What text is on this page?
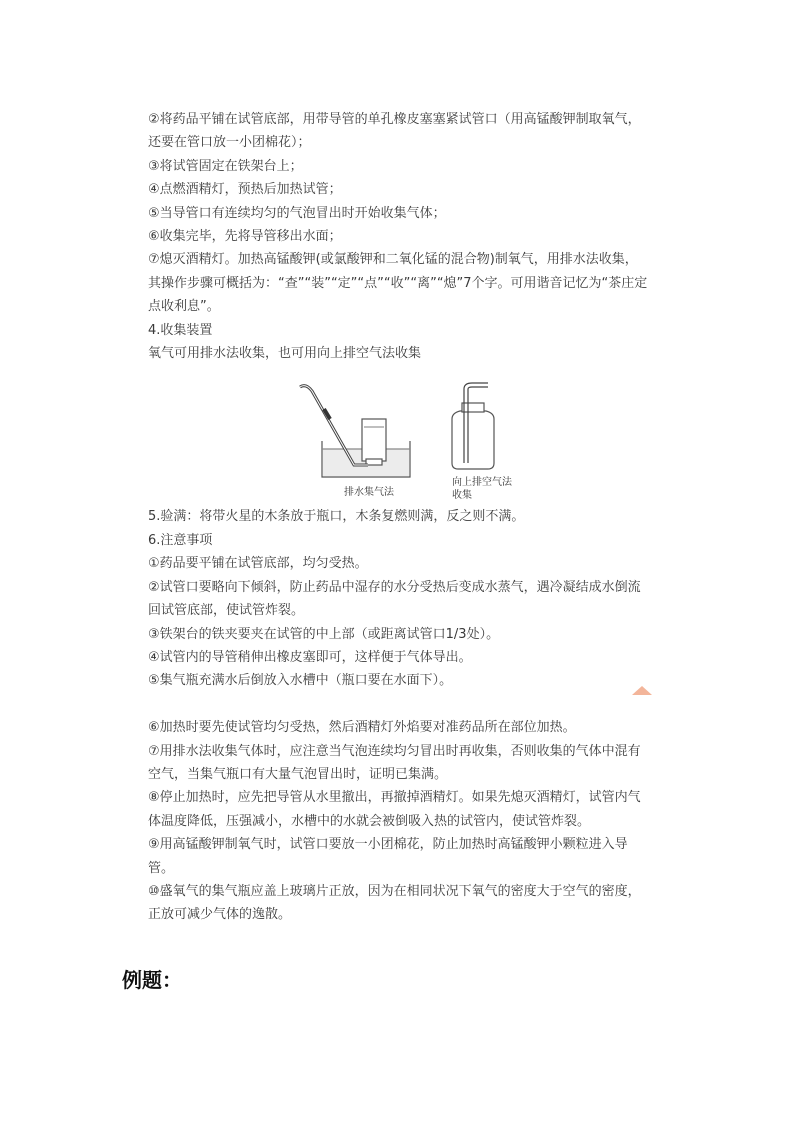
②将药品平铺在试管底部，用带导管的单孔橡皮塞塞紧试管口（用高锰酸钾制取氧气，
还要在管口放一小团棉花）；
③将试管固定在铁架台上；
④点燃酒精灯，预热后加热试管；
⑤当导管口有连续均匀的气泡冒出时开始收集气体；
⑥收集完毕，先将导管移出水面；
⑦熄灭酒精灯。加热高锰酸钾(或氯酸钾和二氧化锰的混合物)制氧气，用排水法收集，
其操作步骤可概括为：“查”“装”“定”“点”“收”“离”“熄”7个字。可用谐音记忆为“茶庄定
点收利息”。
4.收集装置
氧气可用排水法收集，也可用向上排空气法收集
排水集气法
向上排空气法
收集
5.验满：将带火星的木条放于瓶口，木条复燃则满，反之则不满。
6.注意事项
①药品要平铺在试管底部，均匀受热。
②试管口要略向下倾斜，防止药品中湿存的水分受热后变成水蒸气，遇冷凝结成水倒流
回试管底部，使试管炸裂。
③铁架台的铁夹要夹在试管的中上部（或距离试管口1/3处）。
④试管内的导管稍伸出橡皮塞即可，这样便于气体导出。
⑤集气瓶充满水后倒放入水槽中（瓶口要在水面下）。

⑥加热时要先使试管均匀受热，然后酒精灯外焰要对准药品所在部位加热。
⑦用排水法收集气体时，应注意当气泡连续均匀冒出时再收集，否则收集的气体中混有
空气，当集气瓶口有大量气泡冒出时，证明已集满。
⑧停止加热时，应先把导管从水里撤出，再撤掉酒精灯。如果先熄灭酒精灯，试管内气
体温度降低，压强减小，水槽中的水就会被倒吸入热的试管内，使试管炸裂。
⑨用高锰酸钾制氧气时，试管口要放一小团棉花，防止加热时高锰酸钾小颗粒进入导
管。
⑩盛氧气的集气瓶应盖上玻璃片正放，因为在相同状况下氧气的密度大于空气的密度，
正放可减少气体的逸散。
例题：
